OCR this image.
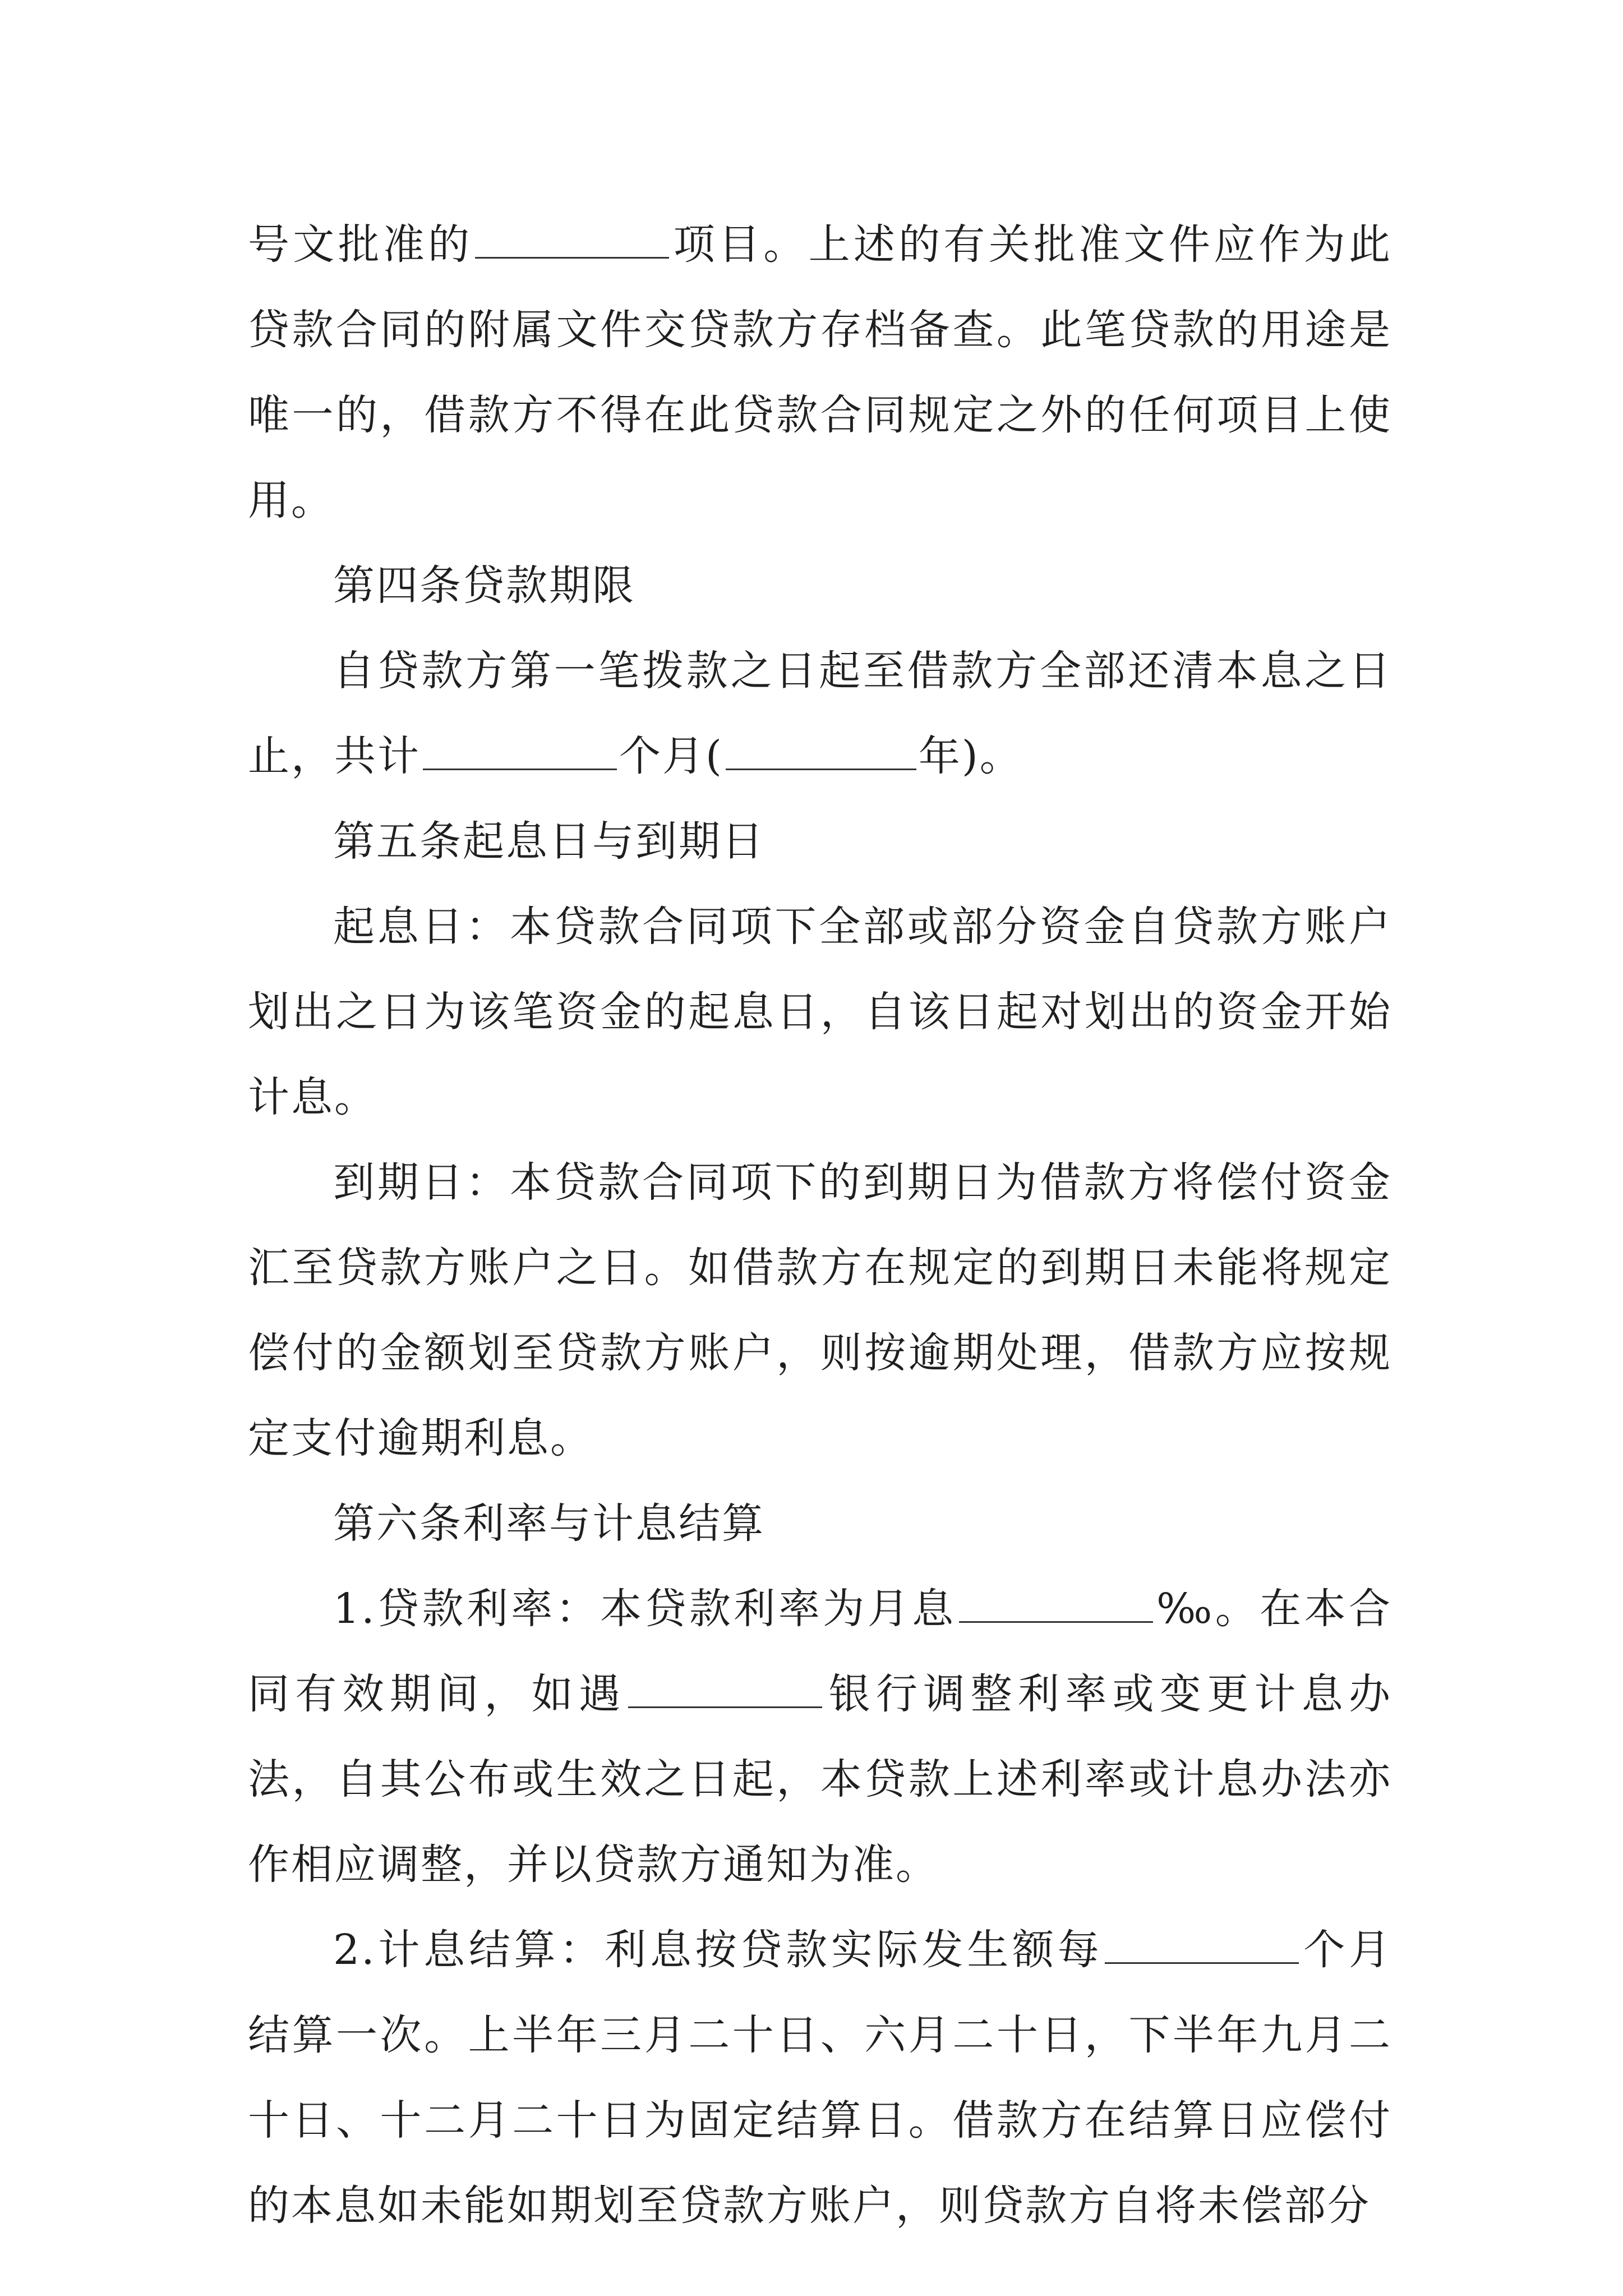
号文批准的	项目。上述的有关批准文件应作为此贷款合同的附属文件交贷款方存档备查。此笔贷款的用途是唯一的，借款方不得在此贷款合同规定之外的任何项目上使用。

第四条贷款期限

自贷款方第一笔拨款之日起至借款方全部还清本息之日止，共计	个月(	年)。

第五条起息日与到期日

起息日：本贷款合同项下全部或部分资金自贷款方账户划出之日为该笔资金的起息日，自该日起对划出的资金开始计息。

到期日：本贷款合同项下的到期日为借款方将偿付资金汇至贷款方账户之日。如借款方在规定的到期日未能将规定偿付的金额划至贷款方账户，则按逾期处理，借款方应按规定支付逾期利息。

第六条利率与计息结算

1.贷款利率：本贷款利率为月息	‰。在本合同有效期间，如遇	银行调整利率或变更计息办法，自其公布或生效之日起，本贷款上述利率或计息办法亦作相应调整，并以贷款方通知为准。

2.计息结算：利息按贷款实际发生额每	个月结算一次。上半年三月二十日、六月二十日，下半年九月二十日、十二月二十日为固定结算日。借款方在结算日应偿付的本息如未能如期划至贷款方账户，则贷款方自将未偿部分
